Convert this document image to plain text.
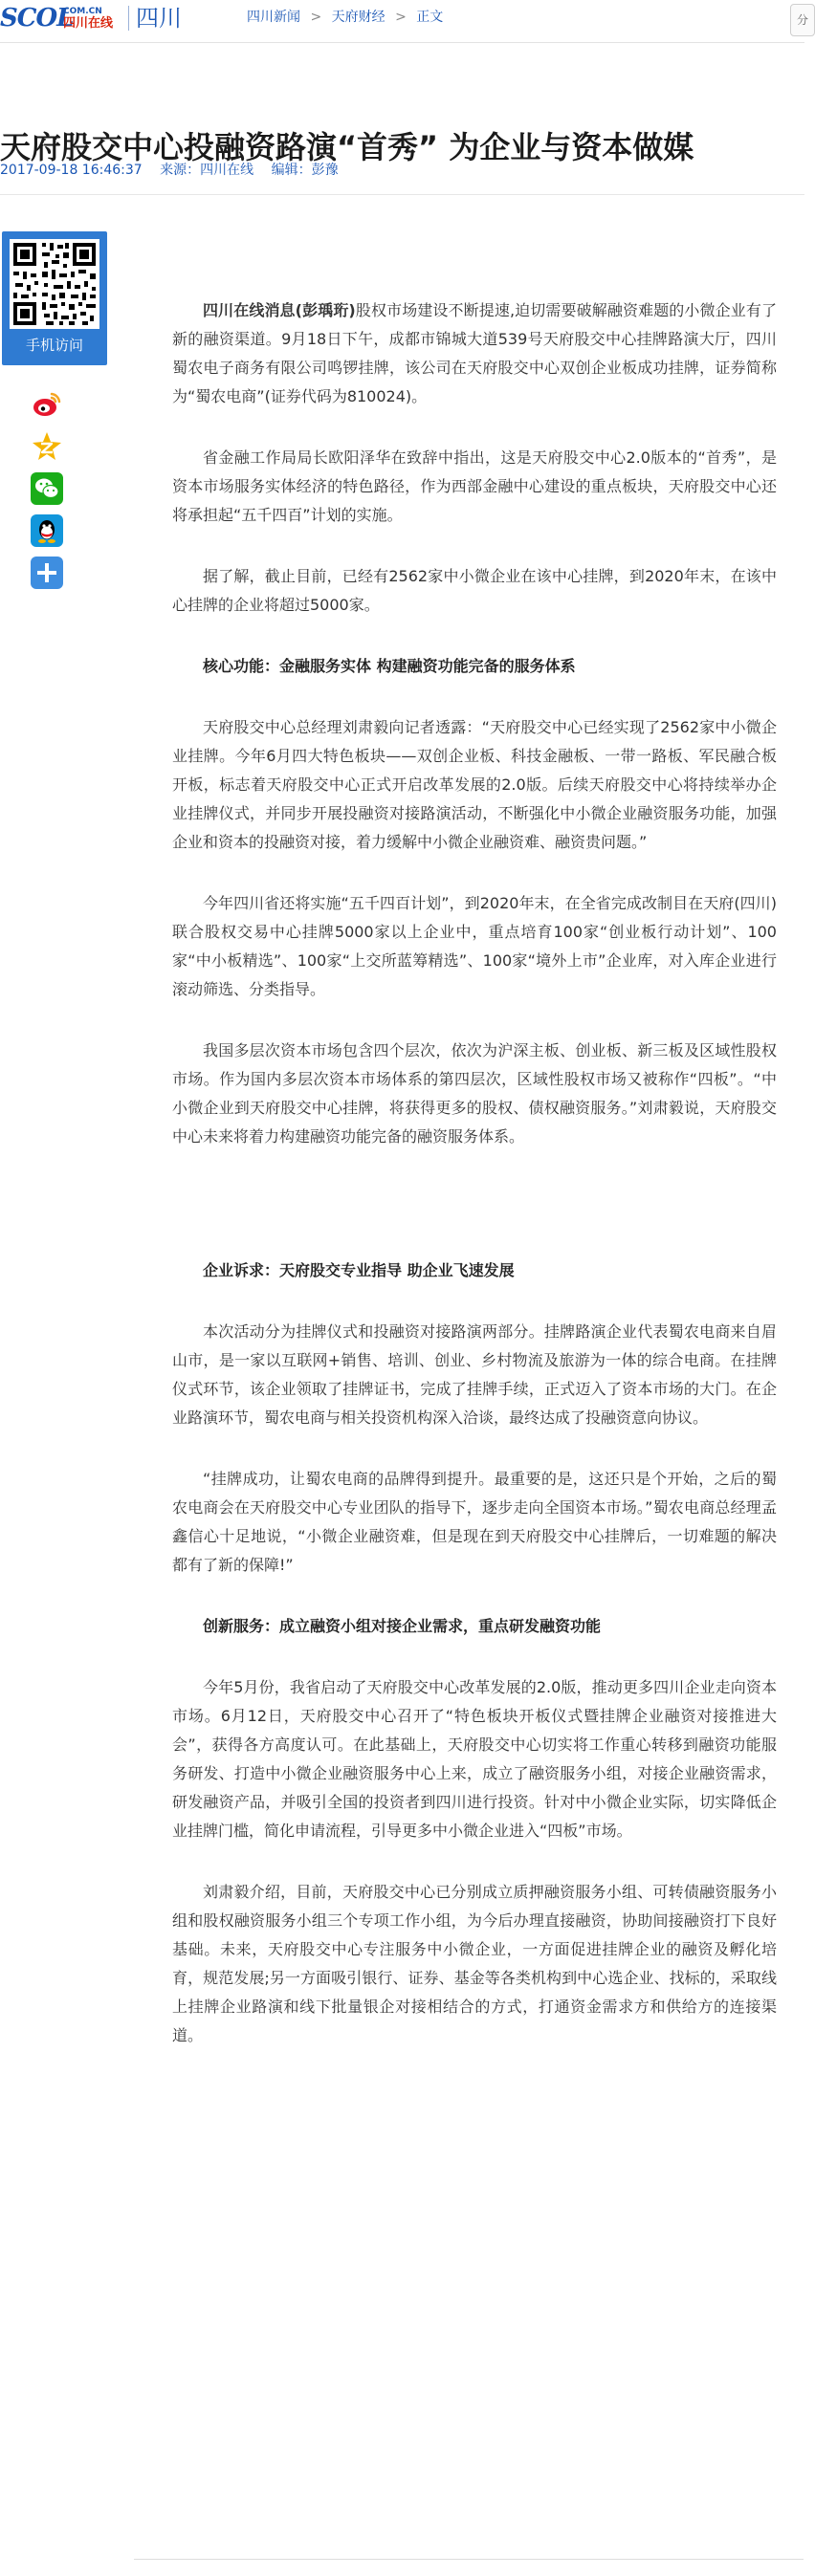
SCOL
COM.CN
四川在线 四川	四川新闻 > 天府财经 > 正文	分
天府股交中心投融资路演“首秀” 为企业与资本做媒
2017-09-18 16:46:37 来源：四川在线 编辑：彭豫
手机访问

四川在线消息(彭瑀珩)股权市场建设不断提速,迫切需要破解融资难题的小微企业有了新的融资渠道。9月18日下午，成都市锦城大道539号天府股交中心挂牌路演大厅，四川蜀农电子商务有限公司鸣锣挂牌，该公司在天府股交中心双创企业板成功挂牌，证券简称为“蜀农电商”(证券代码为810024)。

省金融工作局局长欧阳泽华在致辞中指出，这是天府股交中心2.0版本的“首秀”，是资本市场服务实体经济的特色路径，作为西部金融中心建设的重点板块，天府股交中心还将承担起“五千四百”计划的实施。

据了解，截止目前，已经有2562家中小微企业在该中心挂牌，到2020年末，在该中心挂牌的企业将超过5000家。

核心功能：金融服务实体 构建融资功能完备的服务体系

天府股交中心总经理刘肃毅向记者透露：“天府股交中心已经实现了2562家中小微企业挂牌。今年6月四大特色板块——双创企业板、科技金融板、一带一路板、军民融合板开板，标志着天府股交中心正式开启改革发展的2.0版。后续天府股交中心将持续举办企业挂牌仪式，并同步开展投融资对接路演活动，不断强化中小微企业融资服务功能，加强企业和资本的投融资对接，着力缓解中小微企业融资难、融资贵问题。”

今年四川省还将实施“五千四百计划”，到2020年末，在全省完成改制目在天府(四川)联合股权交易中心挂牌5000家以上企业中，重点培育100家“创业板行动计划”、100家“中小板精选”、100家“上交所蓝筹精选”、100家“境外上市”企业库，对入库企业进行滚动筛选、分类指导。

我国多层次资本市场包含四个层次，依次为沪深主板、创业板、新三板及区域性股权市场。作为国内多层次资本市场体系的第四层次，区域性股权市场又被称作“四板”。“中小微企业到天府股交中心挂牌，将获得更多的股权、债权融资服务。”刘肃毅说，天府股交中心未来将着力构建融资功能完备的融资服务体系。

企业诉求：天府股交专业指导 助企业飞速发展

本次活动分为挂牌仪式和投融资对接路演两部分。挂牌路演企业代表蜀农电商来自眉山市，是一家以互联网+销售、培训、创业、乡村物流及旅游为一体的综合电商。在挂牌仪式环节，该企业领取了挂牌证书，完成了挂牌手续，正式迈入了资本市场的大门。在企业路演环节，蜀农电商与相关投资机构深入洽谈，最终达成了投融资意向协议。

“挂牌成功，让蜀农电商的品牌得到提升。最重要的是，这还只是个开始，之后的蜀农电商会在天府股交中心专业团队的指导下，逐步走向全国资本市场。”蜀农电商总经理孟鑫信心十足地说，“小微企业融资难，但是现在到天府股交中心挂牌后，一切难题的解决都有了新的保障!”

创新服务：成立融资小组对接企业需求，重点研发融资功能

今年5月份，我省启动了天府股交中心改革发展的2.0版，推动更多四川企业走向资本市场。6月12日，天府股交中心召开了“特色板块开板仪式暨挂牌企业融资对接推进大会”，获得各方高度认可。在此基础上，天府股交中心切实将工作重心转移到融资功能服务研发、打造中小微企业融资服务中心上来，成立了融资服务小组，对接企业融资需求，研发融资产品，并吸引全国的投资者到四川进行投资。针对中小微企业实际，切实降低企业挂牌门槛，简化申请流程，引导更多中小微企业进入“四板”市场。

刘肃毅介绍，目前，天府股交中心已分别成立质押融资服务小组、可转债融资服务小组和股权融资服务小组三个专项工作小组，为今后办理直接融资，协助间接融资打下良好基础。未来，天府股交中心专注服务中小微企业，一方面促进挂牌企业的融资及孵化培育，规范发展;另一方面吸引银行、证券、基金等各类机构到中心选企业、找标的，采取线上挂牌企业路演和线下批量银企对接相结合的方式，打通资金需求方和供给方的连接渠道。
